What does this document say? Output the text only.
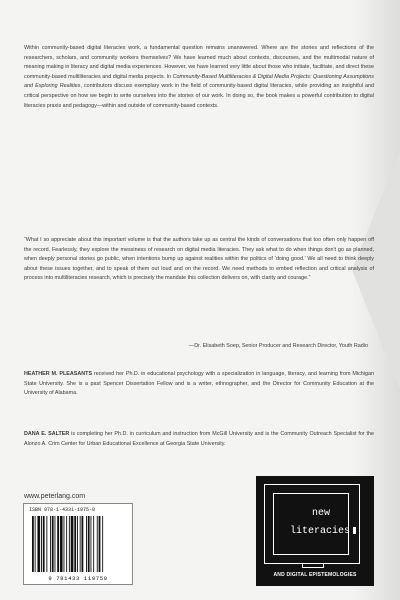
Within community-based digital literacies work, a fundamental question remains unanswered. Where are the stories and reflections of the researchers, scholars, and community workers themselves? We have learned much about contexts, discourses, and the multimodal nature of meaning making in literacy and digital media experiences. However, we have learned very little about those who initiate, facilitate, and direct these community-based multiliteracies and digital media projects. In Community-Based Multiliteracies & Digital Media Projects: Questioning Assumptions and Exploring Realities, contributors discuss exemplary work in the field of community-based digital literacies, while providing an insightful and critical perspective on how we begin to write ourselves into the stories of our work. In doing so, the book makes a powerful contribution to digital literacies praxis and pedagogy—within and outside of community-based contexts.
“What I so appreciate about this important volume is that the authors take up as central the kinds of conversations that too often only happen off the record. Fearlessly, they explore the messiness of research on digital media literacies. They ask what to do when things don't go as planned, when deeply personal stories go public, when intentions bump up against realities within the politics of ‘doing good.’ We all need to think deeply about these issues together, and to speak of them out loud and on the record. We need methods to embed reflection and critical analysis of process into multiliteracies research, which is precisely the mandate this collection delivers on, with clarity and courage.”
—Dr. Elisabeth Soep, Senior Producer and Research Director, Youth Radio
HEATHER M. PLEASANTS received her Ph.D. in educational psychology with a specialization in language, literacy, and learning from Michigan State University. She is a past Spencer Dissertation Fellow and is a writer, ethnographer, and the Director for Community Education at the University of Alabama.
DANA E. SALTER is completing her Ph.D. in curriculum and instruction from McGill University and is the Community Outreach Specialist for the Alonzo A. Crim Center for Urban Educational Excellence at Georgia State University.
www.peterlang.com
ISBN 978-1-4331-1975-0
9 781433 119750
new
literacies
AND DIGITAL EPISTEMOLOGIES
